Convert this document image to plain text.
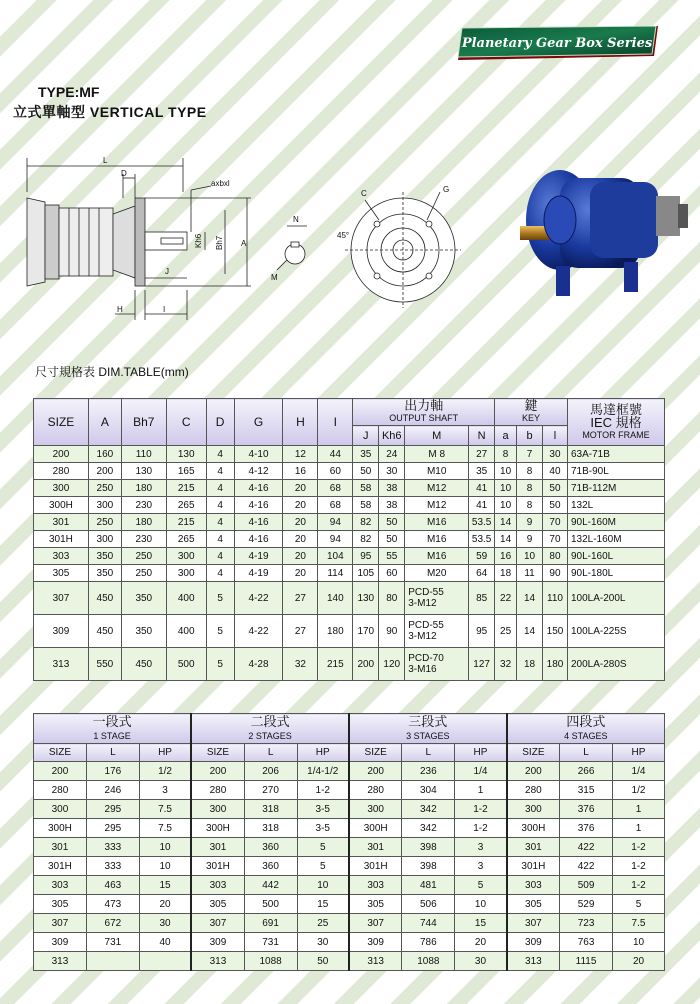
Planetary Gear Box Series
TYPE:MF
立式單軸型 VERTICAL TYPE
L
D
axbxl
Kh6 Bh7 A
J
H	I
N
M
C	G
45°
尺寸規格表 DIM.TABLE(mm)
SIZE	A	Bh7	C	D	G	H	I	出力軸
OUTPUT SHAFT				鍵
KEY			馬達框號
IEC 規格
MOTOR FRAME

								J	Kh6	M	N	a	b	l	
200	160	110	130	4	4-10	12	44	35	24	M 8	27	8	7	30	63A-71B
280	200	130	165	4	4-12	16	60	50	30	M10	35	10	8	40	71B-90L
300	250	180	215	4	4-16	20	68	58	38	M12	41	10	8	50	71B-112M
300H	300	230	265	4	4-16	20	68	58	38	M12	41	10	8	50	132L
301	250	180	215	4	4-16	20	94	82	50	M16	53.5	14	9	70	90L-160M
301H	300	230	265	4	4-16	20	94	82	50	M16	53.5	14	9	70	132L-160M
303	350	250	300	4	4-19	20	104	95	55	M16	59	16	10	80	90L-160L
305	350	250	300	4	4-19	20	114	105	60	M20	64	18	11	90	90L-180L
307	450	350	400	5	4-22	27	140	130	80	PCD-55
3-M12	85	22	14	110	100LA-200L
309	450	350	400	5	4-22	27	180	170	90	PCD-55
3-M12	95	25	14	150	100LA-225S
313	550	450	500	5	4-28	32	215	200	120	PCD-70
3-M16	127	32	18	180	200LA-280S
一段式
1 STAGE			二段式
2 STAGES			三段式
3 STAGES			四段式
4 STAGES		

SIZE	L	HP	SIZE	L	HP	SIZE	L	HP	SIZE	L	HP
200	176	1/2	200	206	1/4-1/2	200	236	1/4	200	266	1/4
280	246	3	280	270	1-2	280	304	1	280	315	1/2
300	295	7.5	300	318	3-5	300	342	1-2	300	376	1
300H	295	7.5	300H	318	3-5	300H	342	1-2	300H	376	1
301	333	10	301	360	5	301	398	3	301	422	1-2
301H	333	10	301H	360	5	301H	398	3	301H	422	1-2
303	463	15	303	442	10	303	481	5	303	509	1-2
305	473	20	305	500	15	305	506	10	305	529	5
307	672	30	307	691	25	307	744	15	307	723	7.5
309	731	40	309	731	30	309	786	20	309	763	10
313			313	1088	50	313	1088	30	313	1115	20
